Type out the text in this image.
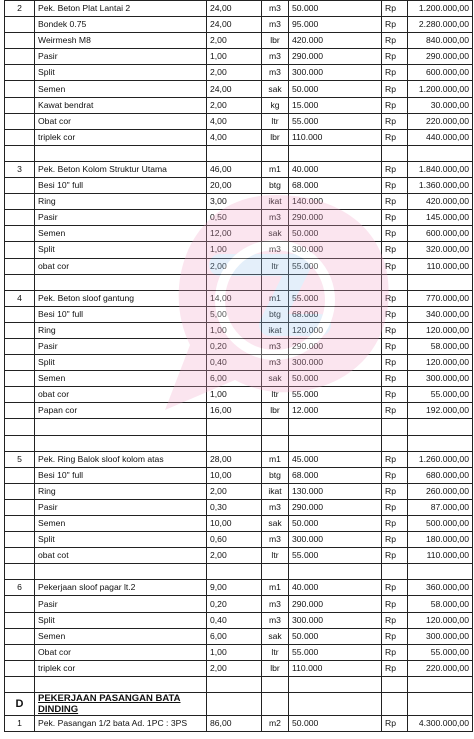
2	Pek. Beton Plat Lantai 2	24,00	m3	50.000	Rp	1.200.000,00
	Bondek 0.75	24,00	m3	95.000	Rp	2.280.000,00
	Weirmesh M8	2,00	lbr	420.000	Rp	840.000,00
	Pasir	1,00	m3	290.000	Rp	290.000,00
	Split	2,00	m3	300.000	Rp	600.000,00
	Semen	24,00	sak	50.000	Rp	1.200.000,00
	Kawat bendrat	2,00	kg	15.000	Rp	30.000,00
	Obat cor	4,00	ltr	55.000	Rp	220.000,00
	triplek cor	4,00	lbr	110.000	Rp	440.000,00

3	Pek. Beton Kolom Struktur Utama	46,00	m1	40.000	Rp	1.840.000,00
	Besi 10" full	20,00	btg	68.000	Rp	1.360.000,00
	Ring	3,00	ikat	140.000	Rp	420.000,00
	Pasir	0,50	m3	290.000	Rp	145.000,00
	Semen	12,00	sak	50.000	Rp	600.000,00
	Split	1,00	m3	300.000	Rp	320.000,00
	obat cor	2,00	ltr	55.000	Rp	110.000,00

4	Pek. Beton sloof gantung	14,00	m1	55.000	Rp	770.000,00
	Besi 10" full	5,00	btg	68.000	Rp	340.000,00
	Ring	1,00	ikat	120.000	Rp	120.000,00
	Pasir	0,20	m3	290.000	Rp	58.000,00
	Split	0,40	m3	300.000	Rp	120.000,00
	Semen	6,00	sak	50.000	Rp	300.000,00
	obat cor	1,00	ltr	55.000	Rp	55.000,00
	Papan cor	16,00	lbr	12.000	Rp	192.000,00

5	Pek. Ring Balok sloof kolom atas	28,00	m1	45.000	Rp	1.260.000,00
	Besi 10" full	10,00	btg	68.000	Rp	680.000,00
	Ring	2,00	ikat	130.000	Rp	260.000,00
	Pasir	0,30	m3	290.000	Rp	87.000,00
	Semen	10,00	sak	50.000	Rp	500.000,00
	Split	0,60	m3	300.000	Rp	180.000,00
	obat cot	2,00	ltr	55.000	Rp	110.000,00

6	Pekerjaan sloof pagar lt.2	9,00	m1	40.000	Rp	360.000,00
	Pasir	0,20	m3	290.000	Rp	58.000,00
	Split	0,40	m3	300.000	Rp	120.000,00
	Semen	6,00	sak	50.000	Rp	300.000,00
	Obat cor	1,00	ltr	55.000	Rp	55.000,00
	triplek cor	2,00	lbr	110.000	Rp	220.000,00

D	PEKERJAAN PASANGAN BATA DINDING					
1	Pek. Pasangan 1/2 bata Ad. 1PC : 3PS	86,00	m2	50.000	Rp	4.300.000,00
